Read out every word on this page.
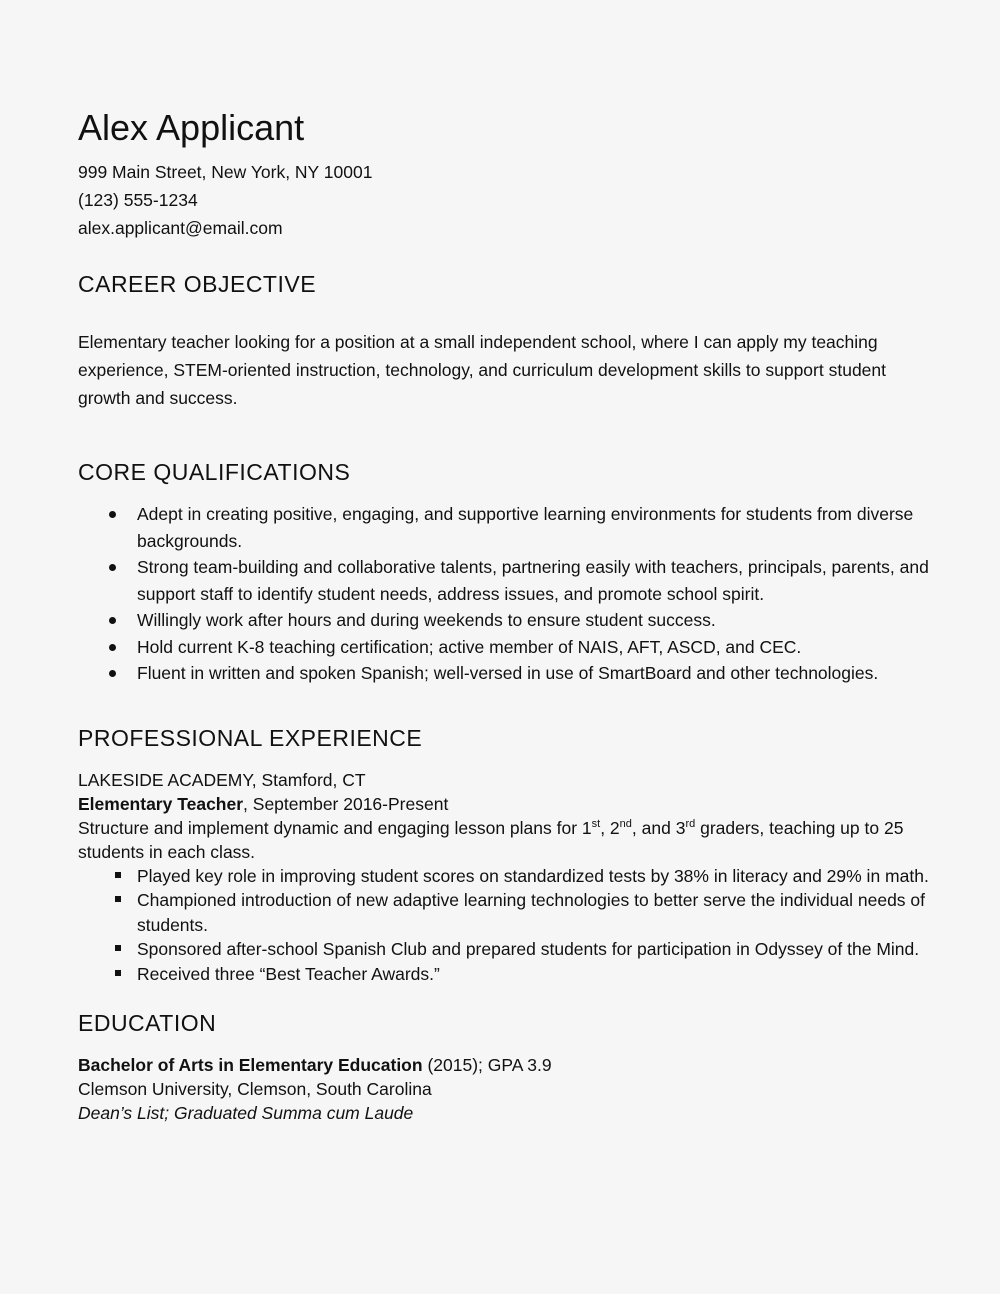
Alex Applicant
999 Main Street, New York, NY 10001
(123) 555-1234
alex.applicant@email.com
CAREER OBJECTIVE

Elementary teacher looking for a position at a small independent school, where I can apply my teaching experience, STEM-oriented instruction, technology, and curriculum development skills to support student growth and success.

CORE QUALIFICATIONS
Adept in creating positive, engaging, and supportive learning environments for students from diverse backgrounds.
Strong team-building and collaborative talents, partnering easily with teachers, principals, parents, and support staff to identify student needs, address issues, and promote school spirit.
Willingly work after hours and during weekends to ensure student success.
Hold current K-8 teaching certification; active member of NAIS, AFT, ASCD, and CEC.
Fluent in written and spoken Spanish; well-versed in use of SmartBoard and other technologies.
PROFESSIONAL EXPERIENCE
LAKESIDE ACADEMY, Stamford, CT
Elementary Teacher, September 2016-Present
Structure and implement dynamic and engaging lesson plans for 1st, 2nd, and 3rd graders, teaching up to 25 students in each class.
Played key role in improving student scores on standardized tests by 38% in literacy and 29% in math.
Championed introduction of new adaptive learning technologies to better serve the individual needs of students.
Sponsored after-school Spanish Club and prepared students for participation in Odyssey of the Mind.
Received three “Best Teacher Awards.”
EDUCATION
Bachelor of Arts in Elementary Education (2015); GPA 3.9
Clemson University, Clemson, South Carolina
Dean’s List; Graduated Summa cum Laude
